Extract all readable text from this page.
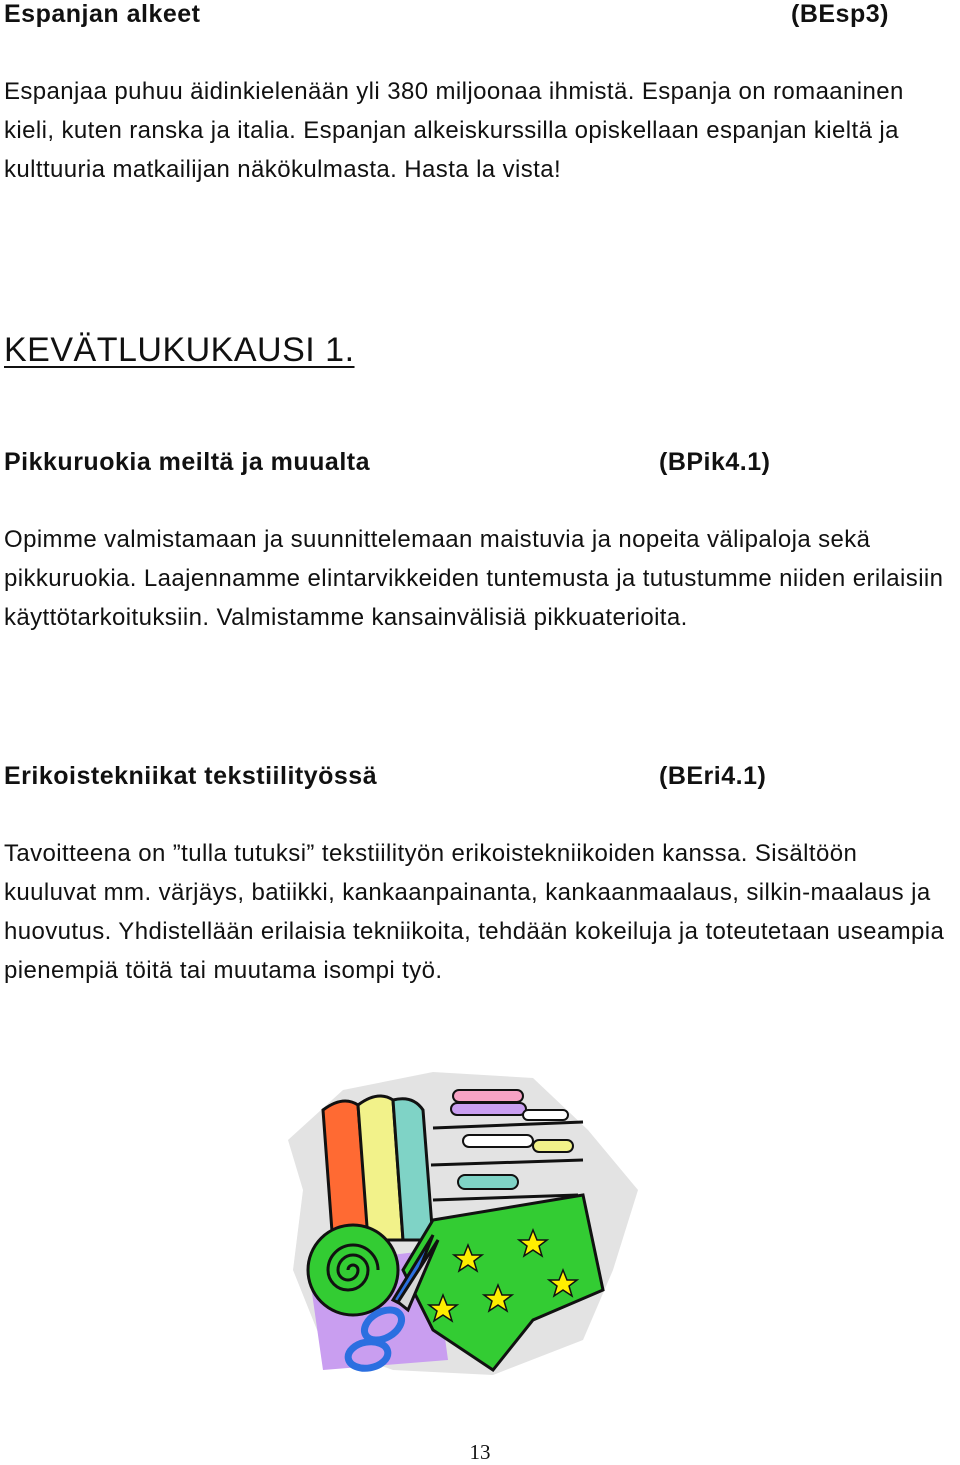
Espanjan alkeet	(BEsp3)
Espanjaa puhuu äidinkielenään yli 380 miljoonaa ihmistä. Espanja on romaaninen kieli, kuten ranska ja italia. Espanjan alkeiskurssilla opiskellaan espanjan kieltä ja kulttuuria matkailijan näkökulmasta. Hasta la vista!
KEVÄTLUKUKAUSI 1.
Pikkuruokia meiltä ja muualta	(BPik4.1)
Opimme valmistamaan ja suunnittelemaan maistuvia ja nopeita välipaloja sekä pikkuruokia. Laajennamme elintarvikkeiden tuntemusta ja tutustumme niiden erilaisiin käyttötarkoituksiin. Valmistamme kansainvälisiä pikkuaterioita.
Erikoistekniikat tekstiilityössä	(BEri4.1)
Tavoitteena on ”tulla tutuksi” tekstiilityön erikoistekniikoiden kanssa. Sisältöön kuuluvat mm. värjäys, batiikki, kankaanpainanta, kankaanmaalaus, silkin-maalaus ja huovutus. Yhdistellään erilaisia tekniikoita, tehdään kokeiluja ja toteutetaan useampia pienempiä töitä tai muutama isompi työ.
13
